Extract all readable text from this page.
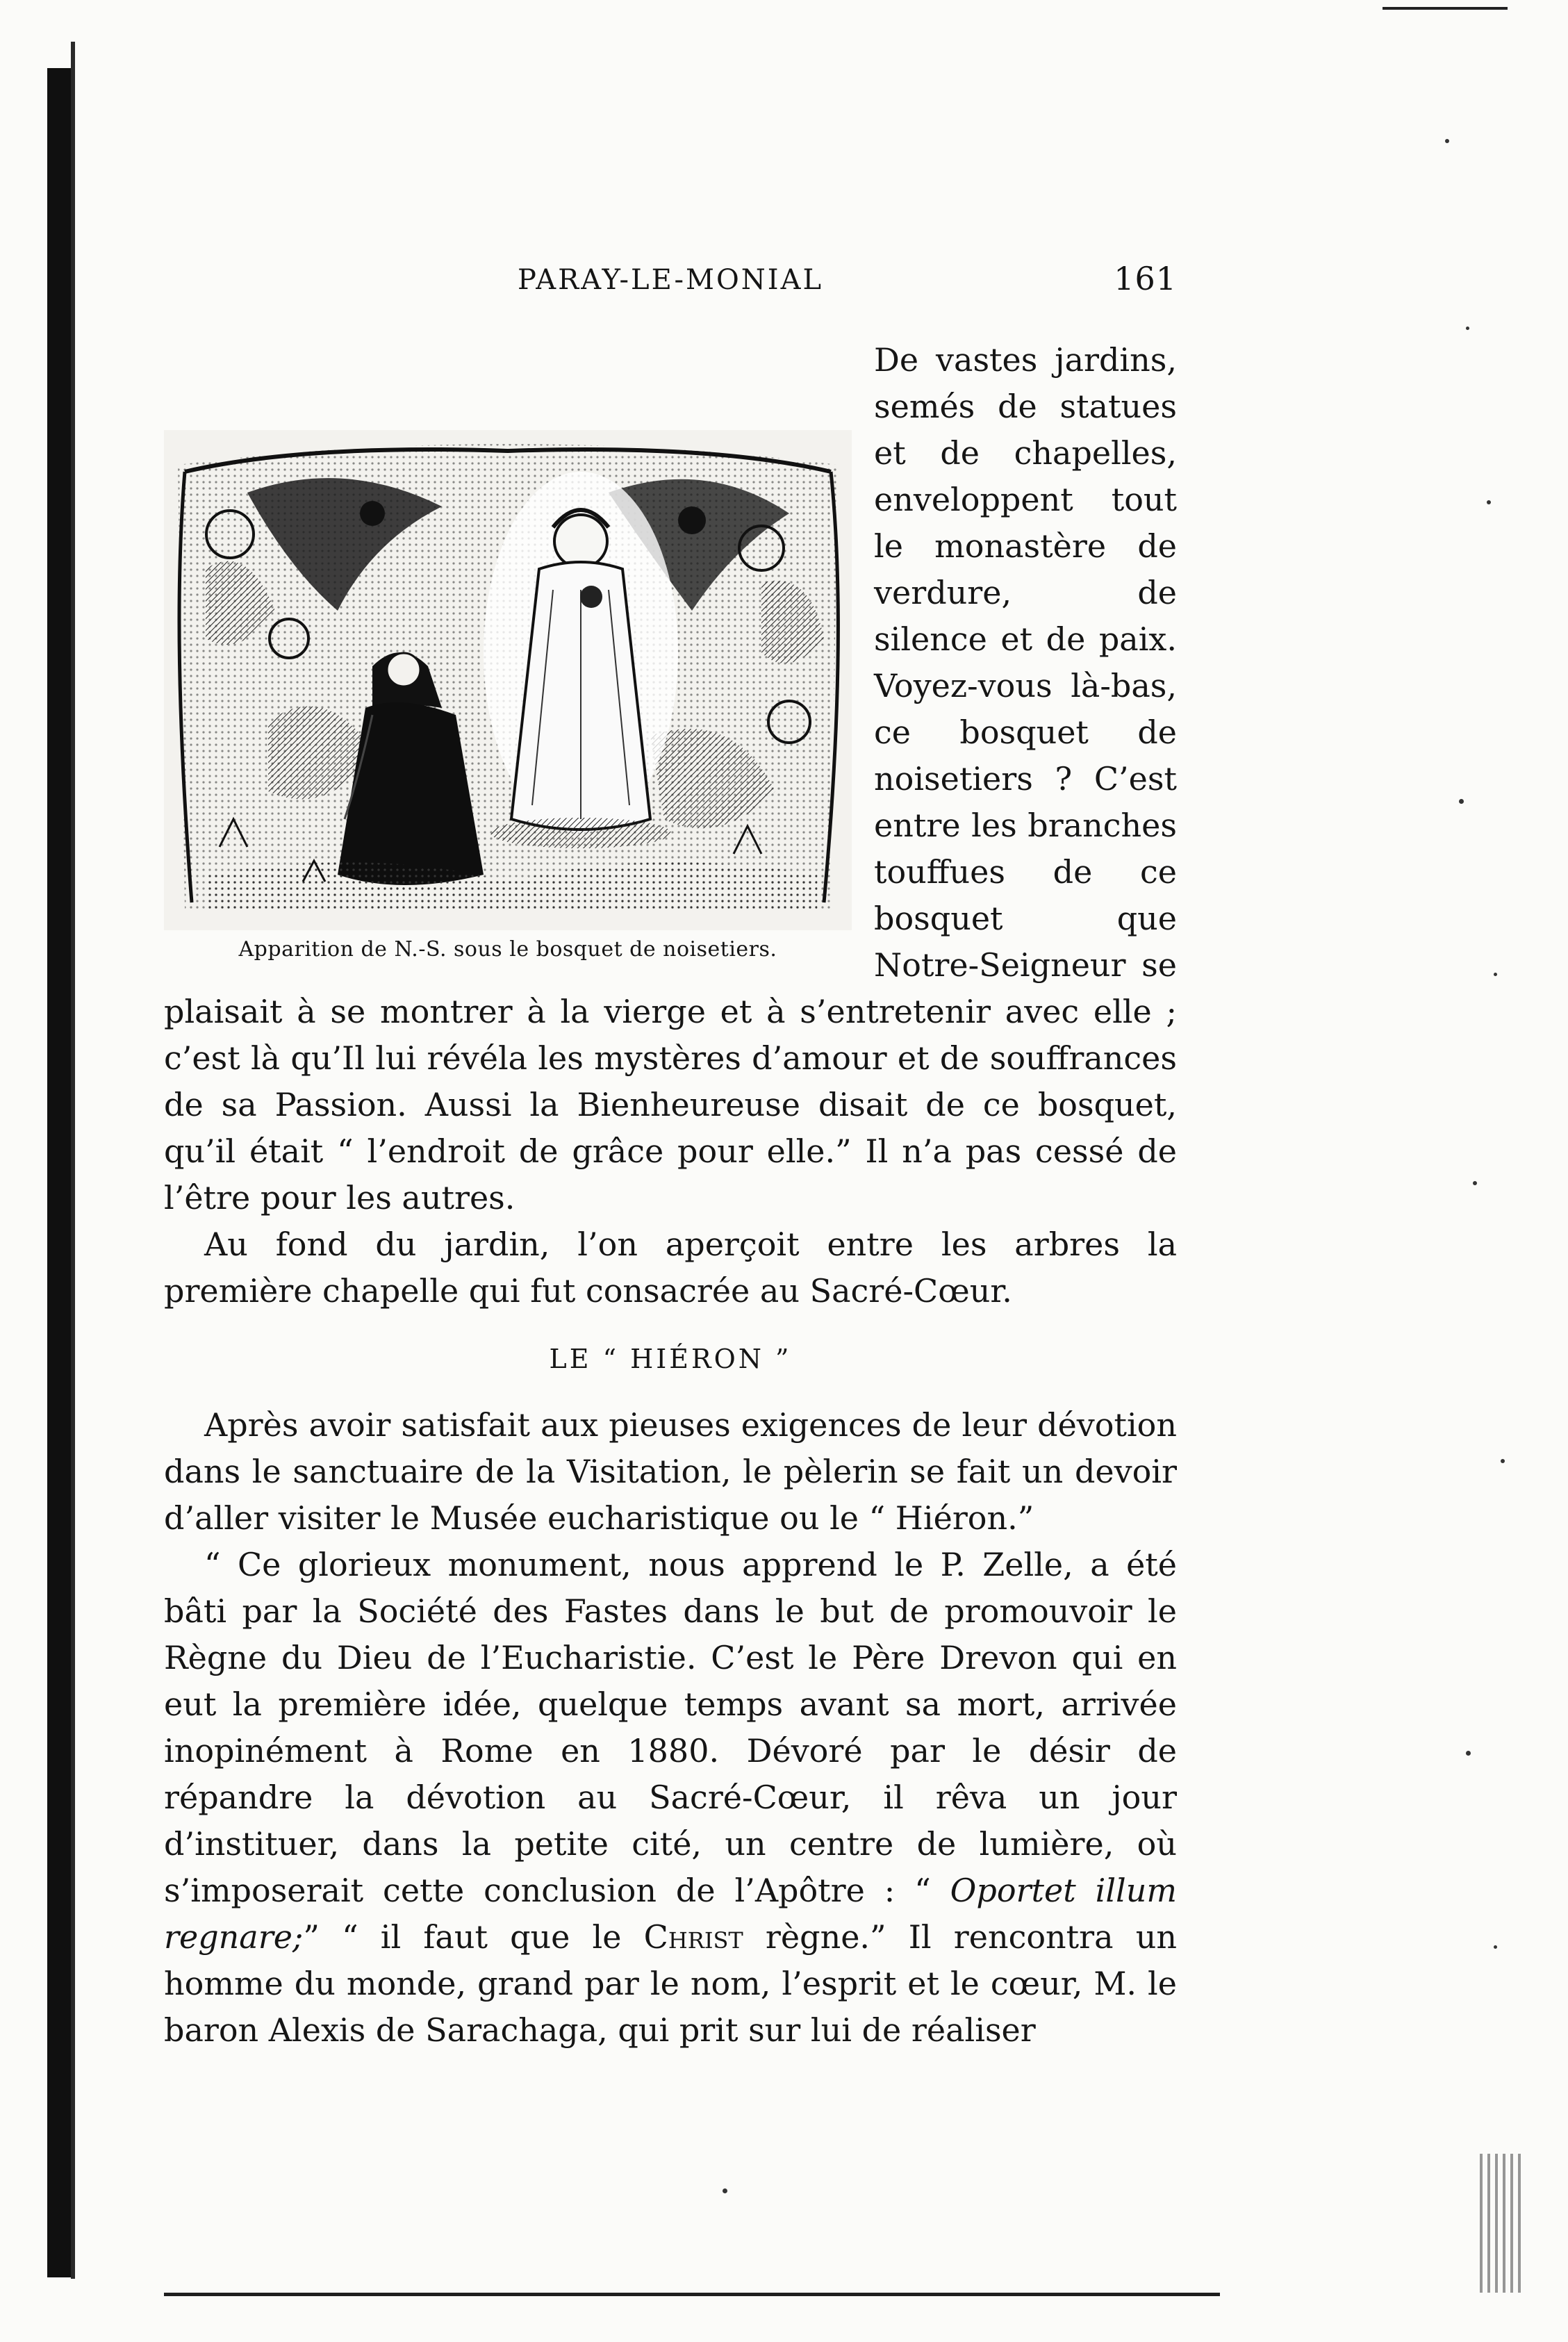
PARAY-LE-MONIAL	161
Apparition de N.-S. sous le bosquet de noisetiers.

De vastes jardins, semés de statues et de chapelles, enveloppent tout le monastère de verdure, de silence et de paix. Voyez-vous là-bas, ce bosquet de noisetiers ? C’est entre les branches touffues de ce bosquet que Notre-Seigneur se plaisait à se montrer à la vierge et à s’entretenir avec elle ; c’est là qu’Il lui révéla les mystères d’amour et de souffrances de sa Passion. Aussi la Bienheureuse disait de ce bosquet, qu’il était “ l’endroit de grâce pour elle.” Il n’a pas cessé de l’être pour les autres.

Au fond du jardin, l’on aperçoit entre les arbres la première chapelle qui fut consacrée au Sacré-Cœur.

LE “ HIÉRON ”

Après avoir satisfait aux pieuses exigences de leur dévotion dans le sanctuaire de la Visitation, le pèlerin se fait un devoir d’aller visiter le Musée eucharistique ou le “ Hiéron.”

“ Ce glorieux monument, nous apprend le P. Zelle, a été bâti par la Société des Fastes dans le but de promouvoir le Règne du Dieu de l’Eucharistie. C’est le Père Drevon qui en eut la première idée, quelque temps avant sa mort, arrivée inopinément à Rome en 1880. Dévoré par le désir de répandre la dévotion au Sacré-Cœur, il rêva un jour d’instituer, dans la petite cité, un centre de lumière, où s’imposerait cette conclusion de l’Apôtre : “ Oportet illum regnare;” “ il faut que le Christ règne.” Il rencontra un homme du monde, grand par le nom, l’esprit et le cœur, M. le baron Alexis de Sarachaga, qui prit sur lui de réaliser
